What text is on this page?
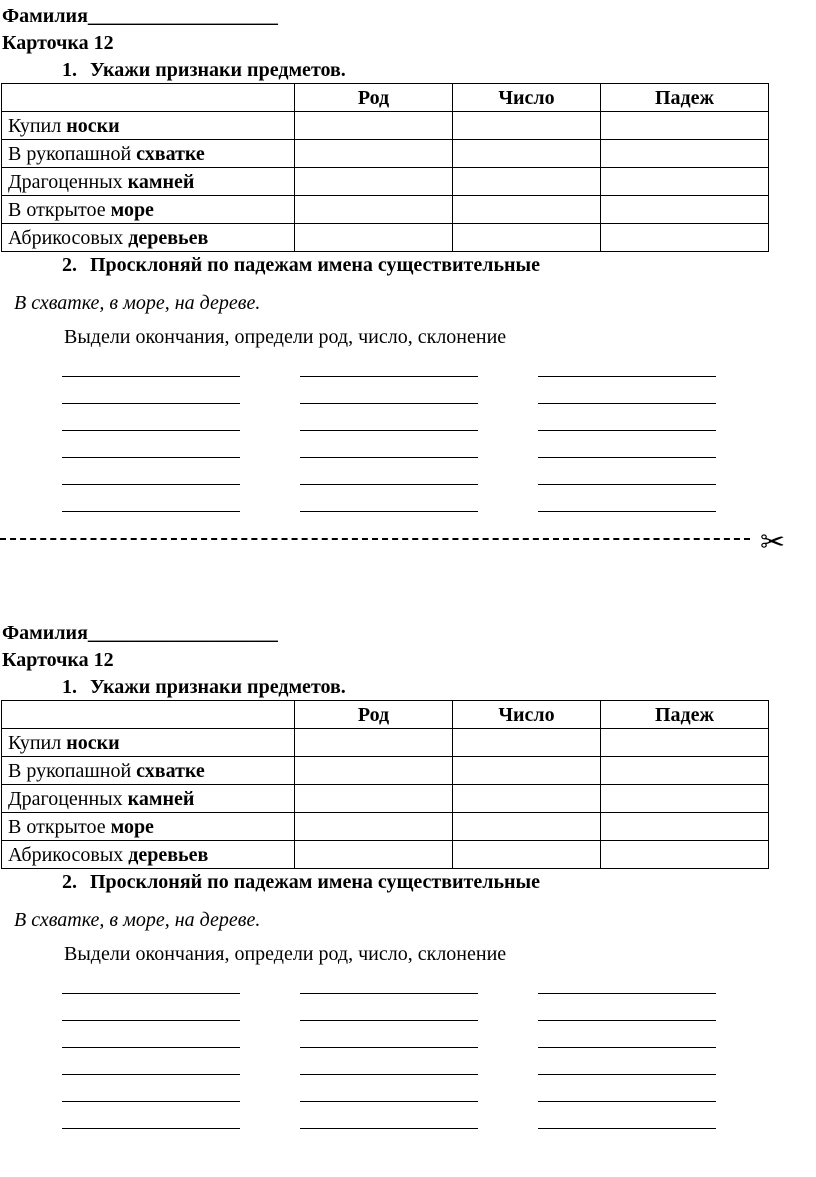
Фамилия___________________
Карточка 12
1. Укажи признаки предметов.
	Род	Число	Падеж
Купил носки			
В рукопашной схватке			
Драгоценных камней			
В открытое море			
Абрикосовых деревьев			
2. Просклоняй по падежам имена существительные
В схватке, в море, на дереве.
Выдели окончания, определи род, число, склонение
✂
Фамилия___________________
Карточка 12
1. Укажи признаки предметов.
	Род	Число	Падеж
Купил носки			
В рукопашной схватке			
Драгоценных камней			
В открытое море			
Абрикосовых деревьев			
2. Просклоняй по падежам имена существительные
В схватке, в море, на дереве.
Выдели окончания, определи род, число, склонение
